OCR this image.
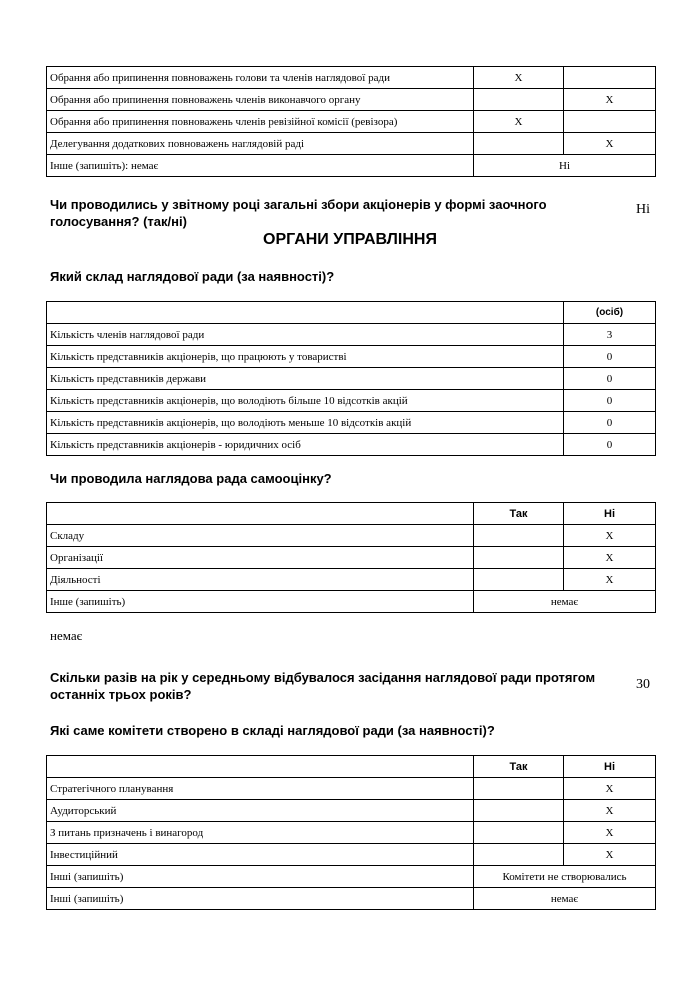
Обрання або припинення повноважень голови та членів наглядової ради	X	
Обрання або припинення повноважень членів виконавчого органу		X
Обрання або припинення повноважень членів ревізійної комісії (ревізора)	X	
Делегування додаткових повноважень наглядовій раді		X
Інше (запишіть): немає	Ні	
Чи проводились у звітному році загальні збори акціонерів у формі заочного голосування? (так/ні)
Ні
ОРГАНИ УПРАВЛІННЯ
Який склад наглядової ради (за наявності)?
	(осіб)
Кількість членів наглядової ради	3
Кількість представників акціонерів, що працюють у товаристві	0
Кількість представників держави	0
Кількість представників акціонерів, що володіють більше 10 відсотків акцій	0
Кількість представників акціонерів, що володіють меньше 10 відсотків акцій	0
Кількість представників акціонерів - юридичних осіб	0
Чи проводила наглядова рада самооцінку?
	Так	Ні
Складу		X
Організації		X
Діяльності		X
Інше (запишіть)	немає	
немає
Скільки разів на рік у середньому відбувалося засідання наглядової ради протягом останніх трьох років?
30
Які саме комітети створено в складі наглядової ради (за наявності)?
	Так	Ні
Стратегічного планування		X
Аудиторський		X
З питань призначень і винагород		X
Інвестиційний		X
Інші (запишіть)	Комітети не створювались	
Інші (запишіть)	немає	
